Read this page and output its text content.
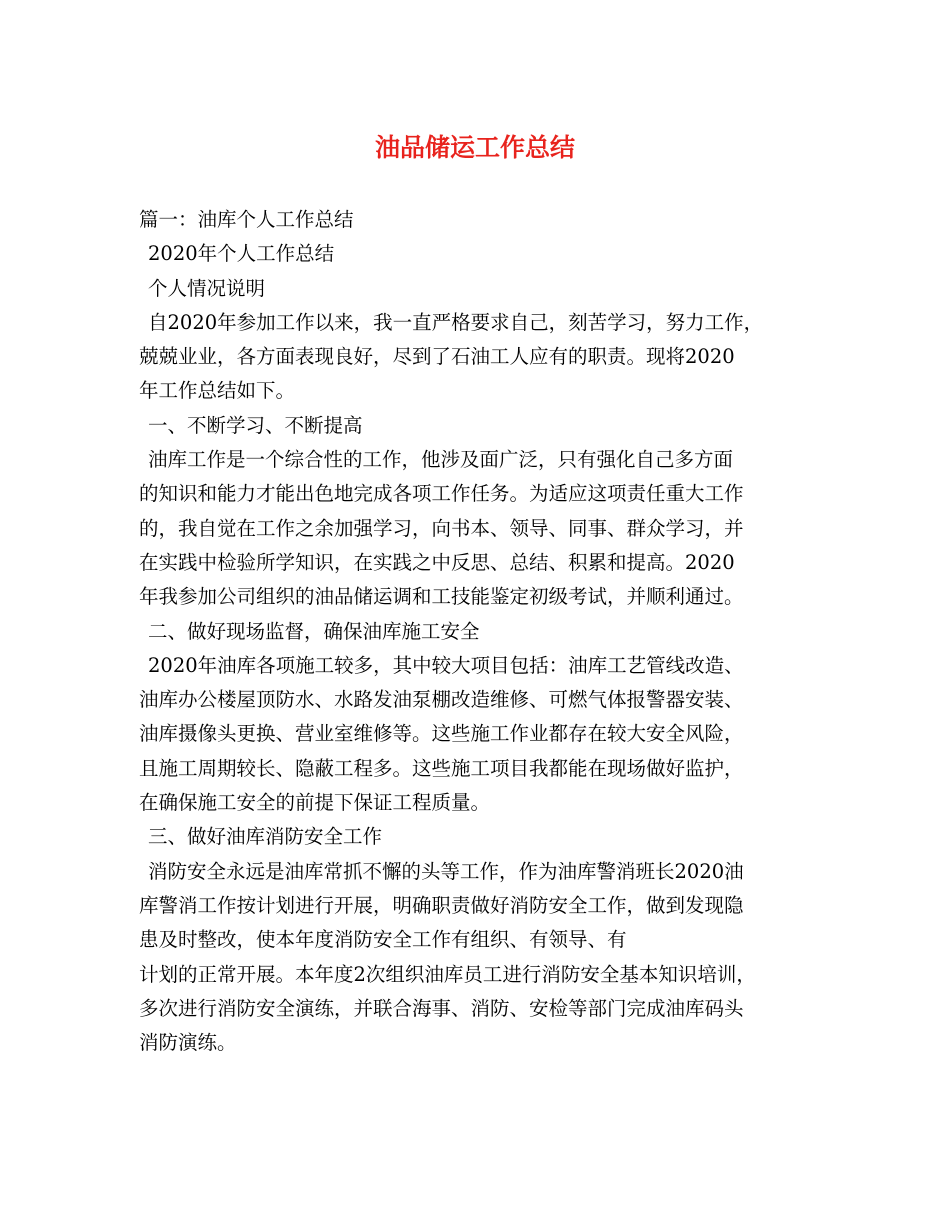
油品储运工作总结

篇一：油库个人工作总结

2020年个人工作总结

个人情况说明

自2020年参加工作以来，我一直严格要求自己，刻苦学习，努力工作，

兢兢业业，各方面表现良好，尽到了石油工人应有的职责。现将2020

年工作总结如下。

一、不断学习、不断提高

油库工作是一个综合性的工作，他涉及面广泛，只有强化自己多方面

的知识和能力才能出色地完成各项工作任务。为适应这项责任重大工作

的，我自觉在工作之余加强学习，向书本、领导、同事、群众学习，并

在实践中检验所学知识，在实践之中反思、总结、积累和提高。2020

年我参加公司组织的油品储运调和工技能鉴定初级考试，并顺利通过。

二、做好现场监督，确保油库施工安全

2020年油库各项施工较多，其中较大项目包括：油库工艺管线改造、

油库办公楼屋顶防水、水路发油泵棚改造维修、可燃气体报警器安装、

油库摄像头更换、营业室维修等。这些施工作业都存在较大安全风险，

且施工周期较长、隐蔽工程多。这些施工项目我都能在现场做好监护，

在确保施工安全的前提下保证工程质量。

三、做好油库消防安全工作

消防安全永远是油库常抓不懈的头等工作，作为油库警消班长2020油

库警消工作按计划进行开展，明确职责做好消防安全工作，做到发现隐

患及时整改，使本年度消防安全工作有组织、有领导、有

计划的正常开展。本年度2次组织油库员工进行消防安全基本知识培训，

多次进行消防安全演练，并联合海事、消防、安检等部门完成油库码头

消防演练。
